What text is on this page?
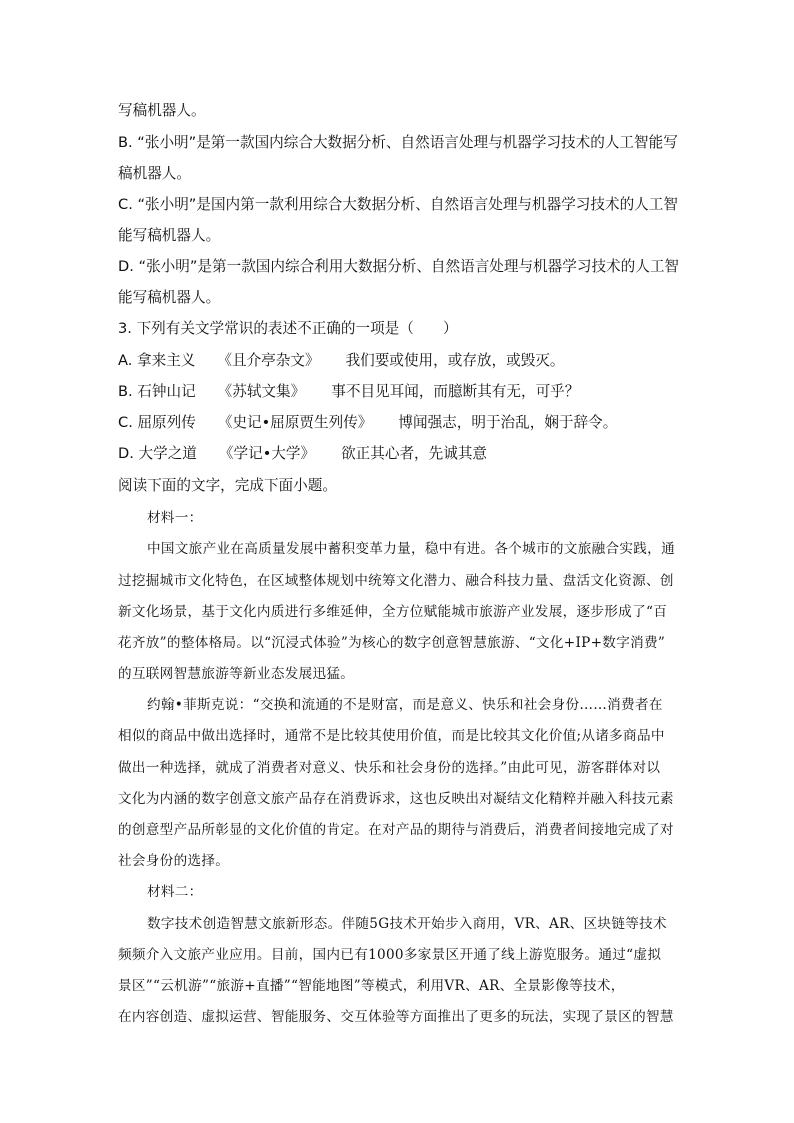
写稿机器人。
B. “张小明”是第一款国内综合大数据分析、自然语言处理与机器学习技术的人工智能写
稿机器人。
C. “张小明”是国内第一款利用综合大数据分析、自然语言处理与机器学习技术的人工智
能写稿机器人。
D. “张小明”是第一款国内综合利用大数据分析、自然语言处理与机器学习技术的人工智
能写稿机器人。
3. 下列有关文学常识的表述不正确的一项是（　　）
A. 拿来主义 《且介亭杂文》 我们要或使用，或存放，或毁灭。
B. 石钟山记 《苏轼文集》 事不目见耳闻，而臆断其有无，可乎？
C. 屈原列传 《史记•屈原贾生列传》 博闻强志，明于治乱，娴于辞令。
D. 大学之道 《学记•大学》 欲正其心者，先诚其意
阅读下面的文字，完成下面小题。
材料一：
中国文旅产业在高质量发展中蓄积变革力量，稳中有进。各个城市的文旅融合实践，通
过挖掘城市文化特色，在区域整体规划中统筹文化潜力、融合科技力量、盘活文化资源、创
新文化场景，基于文化内质进行多维延伸，全方位赋能城市旅游产业发展，逐步形成了“百
花齐放”的整体格局。以“沉浸式体验”为核心的数字创意智慧旅游、“文化+IP+数字消费”
的互联网智慧旅游等新业态发展迅猛。
约翰•菲斯克说：“交换和流通的不是财富，而是意义、快乐和社会身份……消费者在
相似的商品中做出选择时，通常不是比较其使用价值，而是比较其文化价值;从诸多商品中
做出一种选择，就成了消费者对意义、快乐和社会身份的选择。”由此可见，游客群体对以
文化为内涵的数字创意文旅产品存在消费诉求，这也反映出对凝结文化精粹并融入科技元素
的创意型产品所彰显的文化价值的肯定。在对产品的期待与消费后，消费者间接地完成了对
社会身份的选择。
材料二：
数字技术创造智慧文旅新形态。伴随5G技术开始步入商用，VR、AR、区块链等技术
频频介入文旅产业应用。目前，国内已有1000多家景区开通了线上游览服务。通过“虚拟
景区”“云机游”“旅游+直播”“智能地图”等模式，利用VR、AR、全景影像等技术，
在内容创造、虚拟运营、智能服务、交互体验等方面推出了更多的玩法，实现了景区的智慧
